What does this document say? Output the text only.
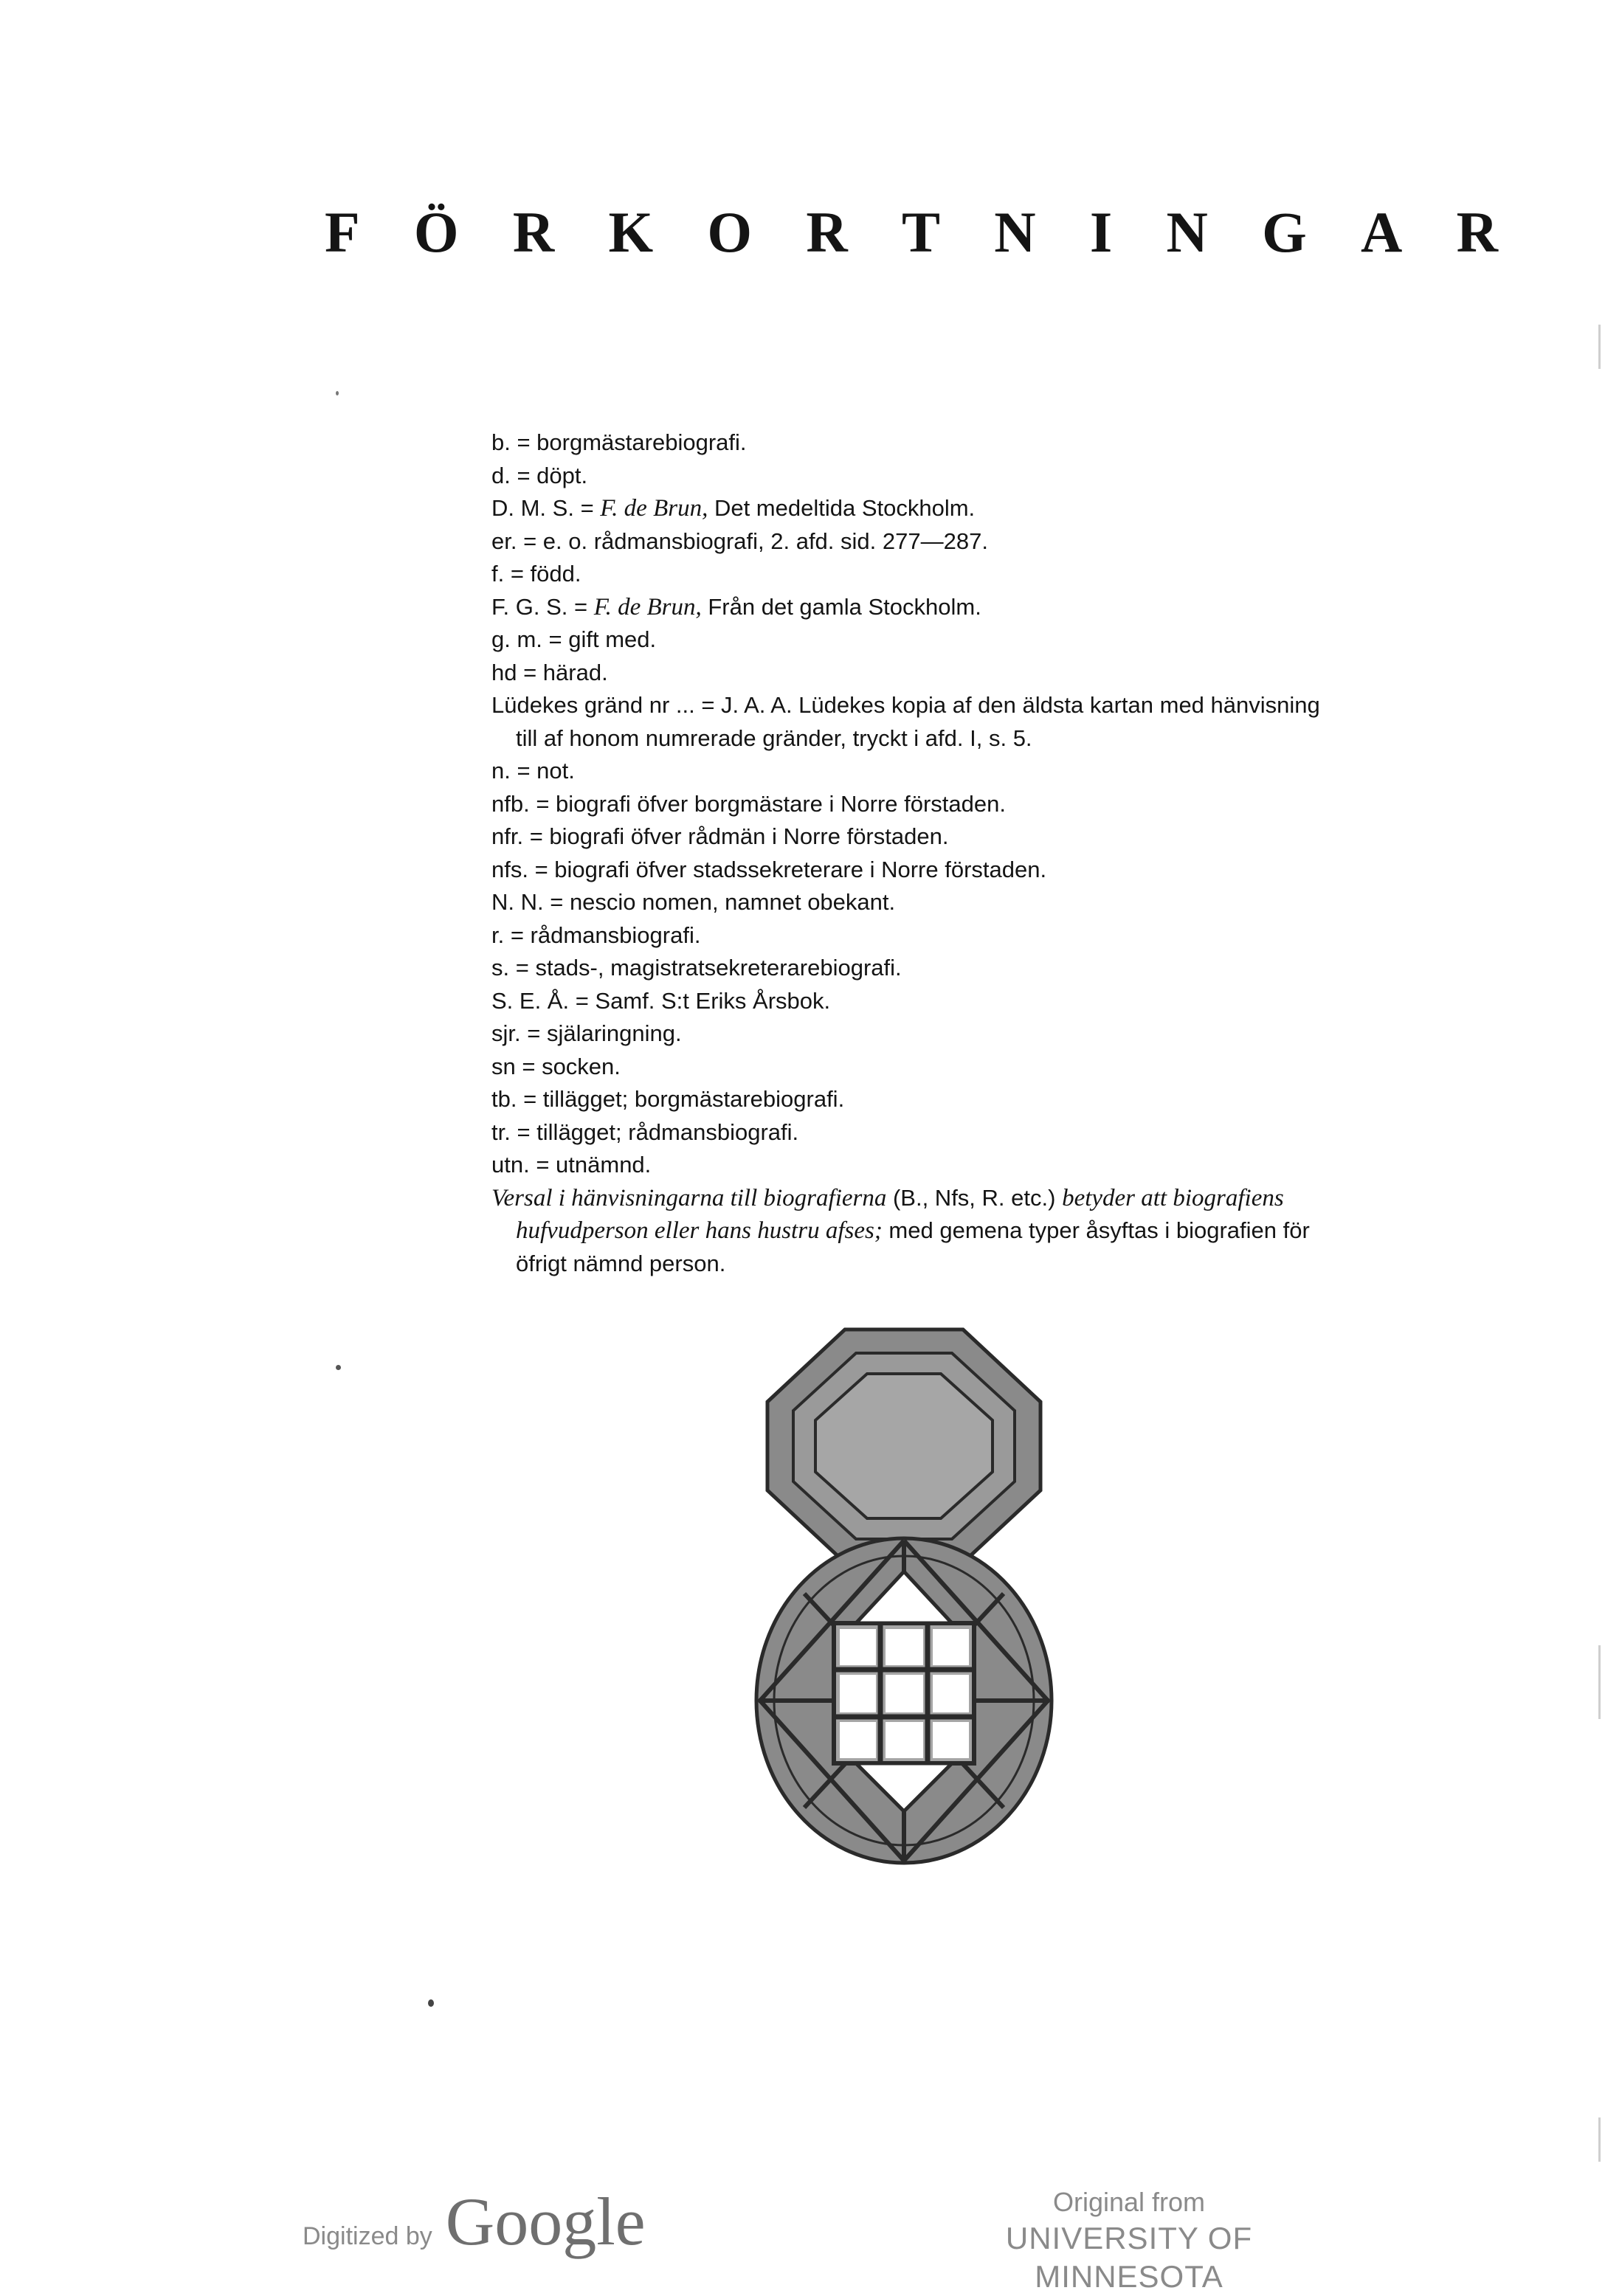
F Ö R K O R T N I N G A R

b. = borgmästarebiografi.

d. = döpt.

D. M. S. = F. de Brun, Det medeltida Stockholm.

er. = e. o. rådmansbiografi, 2. afd. sid. 277—287.

f. = född.

F. G. S. = F. de Brun, Från det gamla Stockholm.

g. m. = gift med.

hd = härad.

Lüdekes gränd nr ... = J. A. A. Lüdekes kopia af den äldsta kartan med hänvisning till af honom numrerade gränder, tryckt i afd. I, s. 5.

n. = not.

nfb. = biografi öfver borgmästare i Norre förstaden.

nfr. = biografi öfver rådmän i Norre förstaden.

nfs. = biografi öfver stadssekreterare i Norre förstaden.

N. N. = nescio nomen, namnet obekant.

r. = rådmansbiografi.

s. = stads-, magistratsekreterarebiografi.

S. E. Å. = Samf. S:t Eriks Årsbok.

sjr. = själaringning.

sn = socken.

tb. = tillägget; borgmästarebiografi.

tr. = tillägget; rådmansbiografi.

utn. = utnämnd.

Versal i hänvisningarna till biografierna (B., Nfs, R. etc.) betyder att biografiens hufvudperson eller hans hustru afses; med gemena typer åsyftas i biografien för öfrigt nämnd person.

Digitized by Google	Original from
UNIVERSITY OF MINNESOTA
